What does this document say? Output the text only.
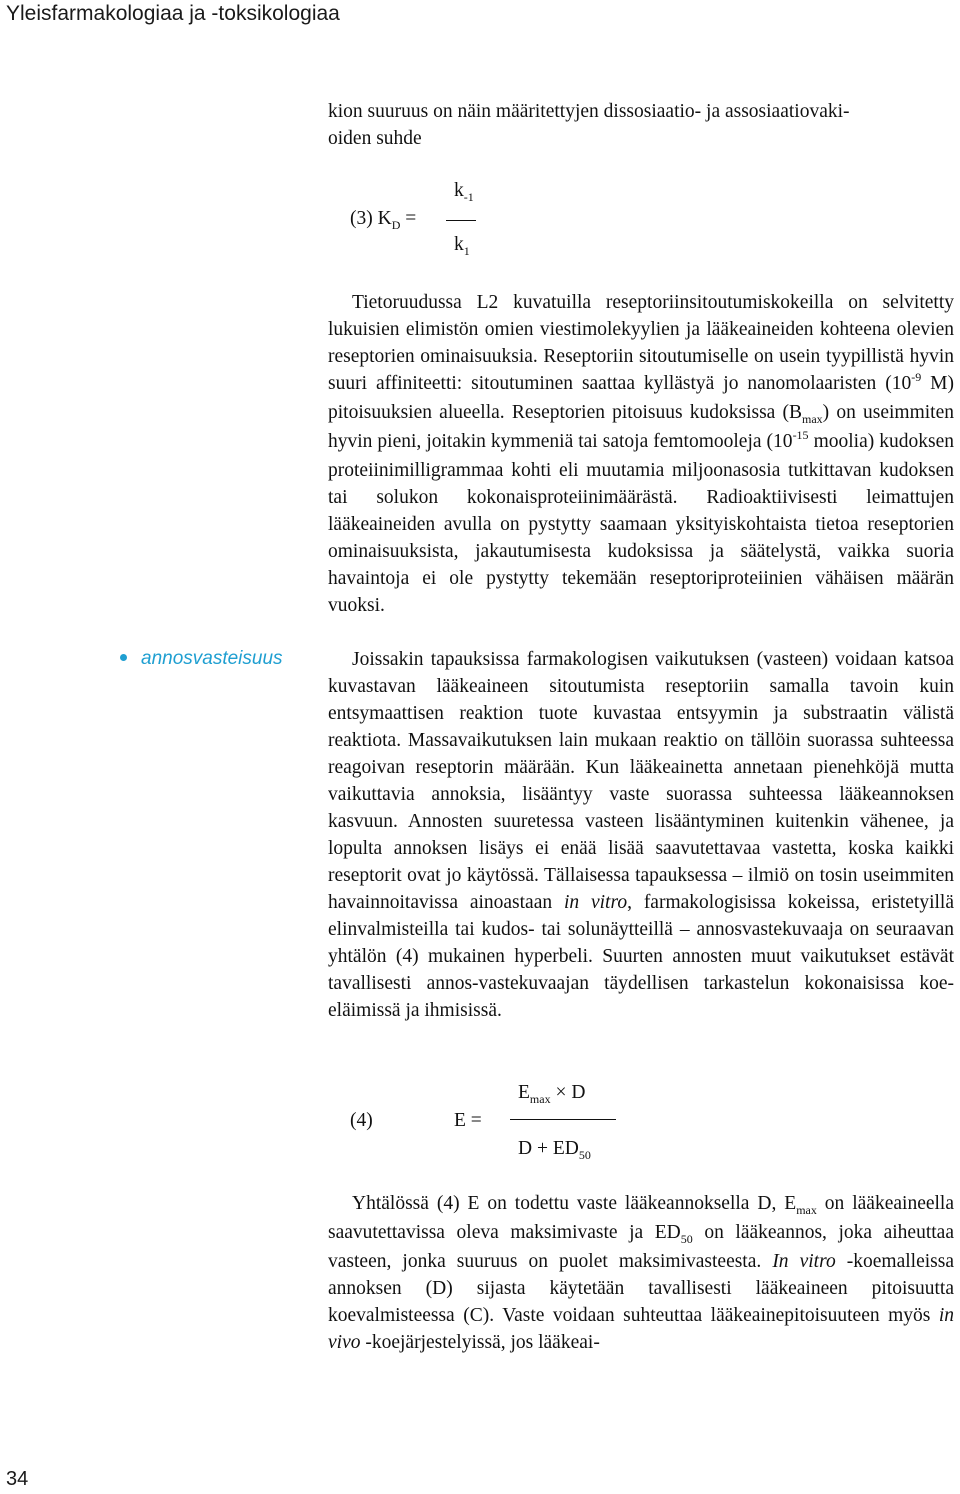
Yleisfarmakologiaa ja -toksikologiaa

kion suuruus on näin määritettyjen dissosiaatio- ja assosiaatiovaki-
oiden suhde

(3) $K_D$ =
$k_{-1}$
$k_1$

Tietoruudussa L2 kuvatuilla reseptoriinsitoutumiskokeilla on selvitetty lukuisien elimistön omien viestimolekyylien ja lääkeaineiden kohteena olevien reseptorien ominaisuuksia. Reseptoriin sitoutumiselle on usein tyypillistä hyvin suuri affiniteetti: sitoutuminen saattaa kyllästyä jo nanomolaaristen ($10^{-9}$ M) pitoisuuksien alueella. Reseptorien pitoisuus kudoksissa $(B_{max})$ on useimmiten hyvin pieni, joitakin kymmeniä tai satoja femtomooleja ($10^{-15}$ moolia) kudoksen proteiinimilligrammaa kohti eli muutamia miljoonasosia tutkittavan kudoksen tai solukon kokonaisproteiinimäärästä. Radioaktiivisesti leimattujen lääkeaineiden avulla on pystytty saamaan yksityiskohtaista tietoa reseptorien ominaisuuksista, jakautumisesta kudoksissa ja säätelystä, vaikka suoria havaintoja ei ole pystytty tekemään reseptoriproteiinien vähäisen määrän vuoksi.

annosvasteisuus	Joissakin tapauksissa farmakologisen vaikutuksen (vasteen) voidaan katsoa kuvastavan lääkeaineen sitoutumista reseptoriin samalla tavoin kuin entsymaattisen reaktion tuote kuvastaa entsyymin ja substraatin välistä reaktiota. Massavaikutuksen lain mukaan reaktio on tällöin suorassa suhteessa reagoivan reseptorin määrään. Kun lääkeainetta annetaan pienehköjä mutta vaikuttavia annoksia, lisääntyy vaste suorassa suhteessa lääkeannoksen kasvuun. Annosten suuretessa vasteen lisääntyminen kuitenkin vähenee, ja lopulta annoksen lisäys ei enää lisää saavutettavaa vastetta, koska kaikki reseptorit ovat jo käytössä. Tällaisessa tapauksessa – ilmiö on tosin useimmiten havainnoitavissa ainoastaan in vitro, farmakologisissa kokeissa, eristetyillä elinvalmisteilla tai kudos- tai solunäytteillä – annosvastekuvaaja on seuraavan yhtälön (4) mukainen hyperbeli. Suurten annosten muut vaikutukset estävät tavallisesti annos-vastekuvaajan täydellisen tarkastelun kokonaisissa koe-eläimissä ja ihmisissä.

(4)	E =
$E_{max} \times D$
$D + ED_{50}$

Yhtälössä (4) E on todettu vaste lääkeannoksella D, $E_{max}$ on lääkeaineella saavutettavissa oleva maksimivaste ja $ED_{50}$ on lääkeannos, joka aiheuttaa vasteen, jonka suuruus on puolet maksimivasteesta. In vitro -koemalleissa annoksen (D) sijasta käytetään tavallisesti lääkeaineen pitoisuutta koevalmisteessa (C). Vaste voidaan suhteuttaa lääkeainepitoisuuteen myös in vivo -koejärjestelyissä, jos lääkeai-

34
